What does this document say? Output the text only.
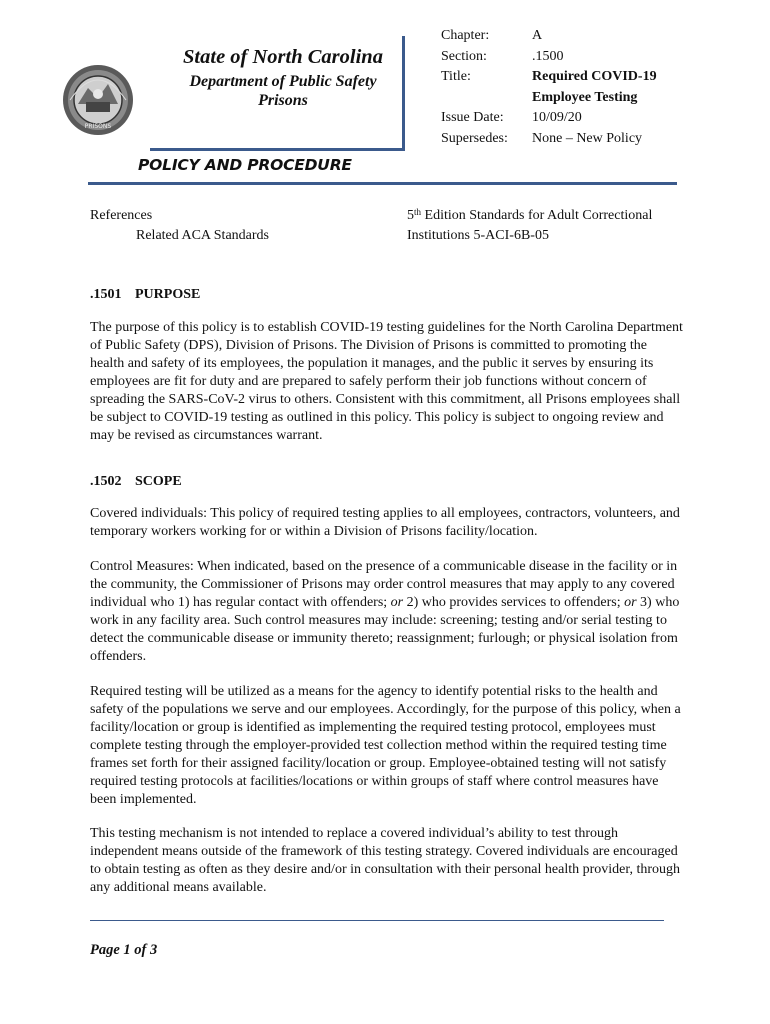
PRISONS
State of North Carolina
Department of Public Safety
Prisons
Chapter:	A
Section:	.1500
Title:	Required COVID-19
Employee Testing
Issue Date:	10/09/20
Supersedes:	None – New Policy
POLICY AND PROCEDURE
References
Related ACA Standards
5th Edition Standards for Adult Correctional
Institutions 5-ACI-6B-05
.1501 PURPOSE

The purpose of this policy is to establish COVID-19 testing guidelines for the North Carolina Department of Public Safety (DPS), Division of Prisons. The Division of Prisons is committed to promoting the health and safety of its employees, the population it manages, and the public it serves by ensuring its employees are fit for duty and are prepared to safely perform their job functions without concern of spreading the SARS-CoV-2 virus to others. Consistent with this commitment, all Prisons employees shall be subject to COVID-19 testing as outlined in this policy. This policy is subject to ongoing review and may be revised as circumstances warrant.

.1502 SCOPE

Covered individuals: This policy of required testing applies to all employees, contractors, volunteers, and temporary workers working for or within a Division of Prisons facility/location.

Control Measures: When indicated, based on the presence of a communicable disease in the facility or in the community, the Commissioner of Prisons may order control measures that may apply to any covered individual who 1) has regular contact with offenders; or 2) who provides services to offenders; or 3) who work in any facility area. Such control measures may include: screening; testing and/or serial testing to detect the communicable disease or immunity thereto; reassignment; furlough; or physical isolation from offenders.

Required testing will be utilized as a means for the agency to identify potential risks to the health and safety of the populations we serve and our employees. Accordingly, for the purpose of this policy, when a facility/location or group is identified as implementing the required testing protocol, employees must complete testing through the employer-provided test collection method within the required testing time frames set forth for their assigned facility/location or group. Employee-obtained testing will not satisfy required testing protocols at facilities/locations or within groups of staff where control measures have been implemented.

This testing mechanism is not intended to replace a covered individual’s ability to test through independent means outside of the framework of this testing strategy. Covered individuals are encouraged to obtain testing as often as they desire and/or in consultation with their personal health provider, through any additional means available.

Page 1 of 3
